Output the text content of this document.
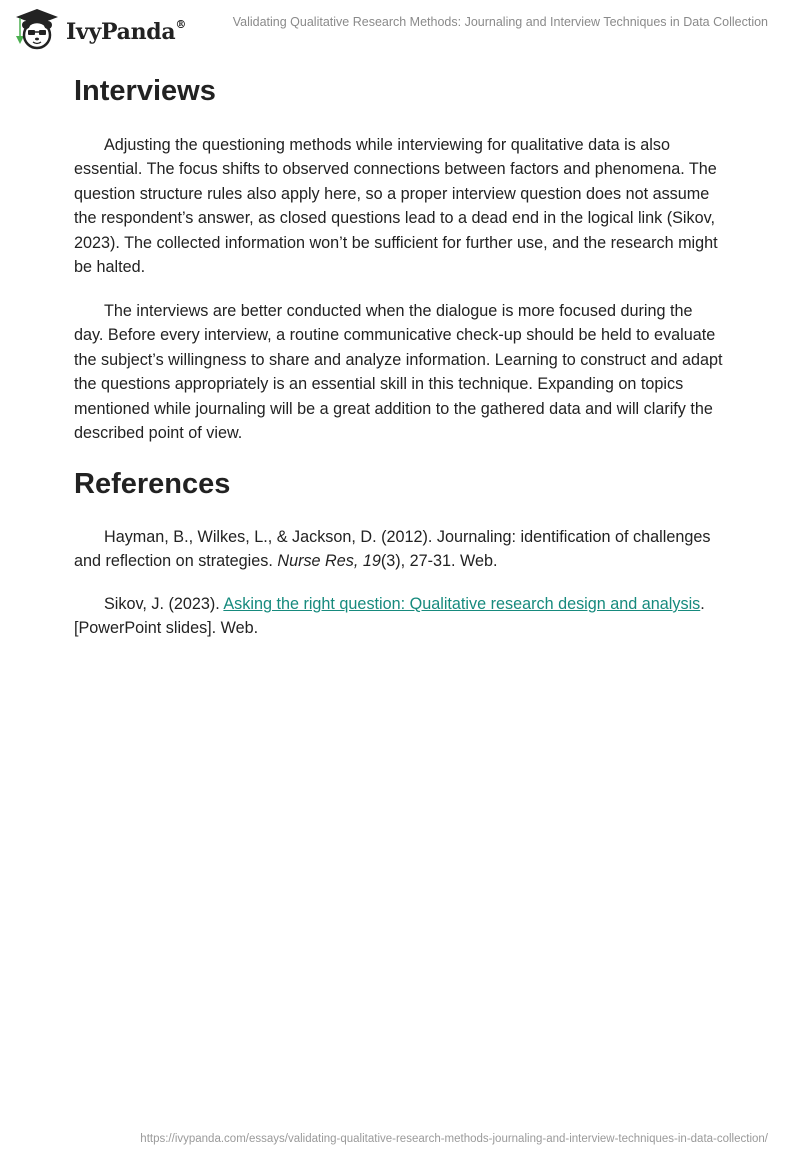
IvyPanda®	Validating Qualitative Research Methods: Journaling and Interview Techniques in Data Collection
Interviews

Adjusting the questioning methods while interviewing for qualitative data is also essential. The focus shifts to observed connections between factors and phenomena. The question structure rules also apply here, so a proper interview question does not assume the respondent’s answer, as closed questions lead to a dead end in the logical link (Sikov, 2023). The collected information won’t be sufficient for further use, and the research might be halted.

The interviews are better conducted when the dialogue is more focused during the day. Before every interview, a routine communicative check-up should be held to evaluate the subject’s willingness to share and analyze information. Learning to construct and adapt the questions appropriately is an essential skill in this technique. Expanding on topics mentioned while journaling will be a great addition to the gathered data and will clarify the described point of view.

References

Hayman, B., Wilkes, L., & Jackson, D. (2012). Journaling: identification of challenges and reflection on strategies. Nurse Res, 19(3), 27-31. Web.

Sikov, J. (2023). Asking the right question: Qualitative research design and analysis. [PowerPoint slides]. Web.

https://ivypanda.com/essays/validating-qualitative-research-methods-journaling-and-interview-techniques-in-data-collection/
